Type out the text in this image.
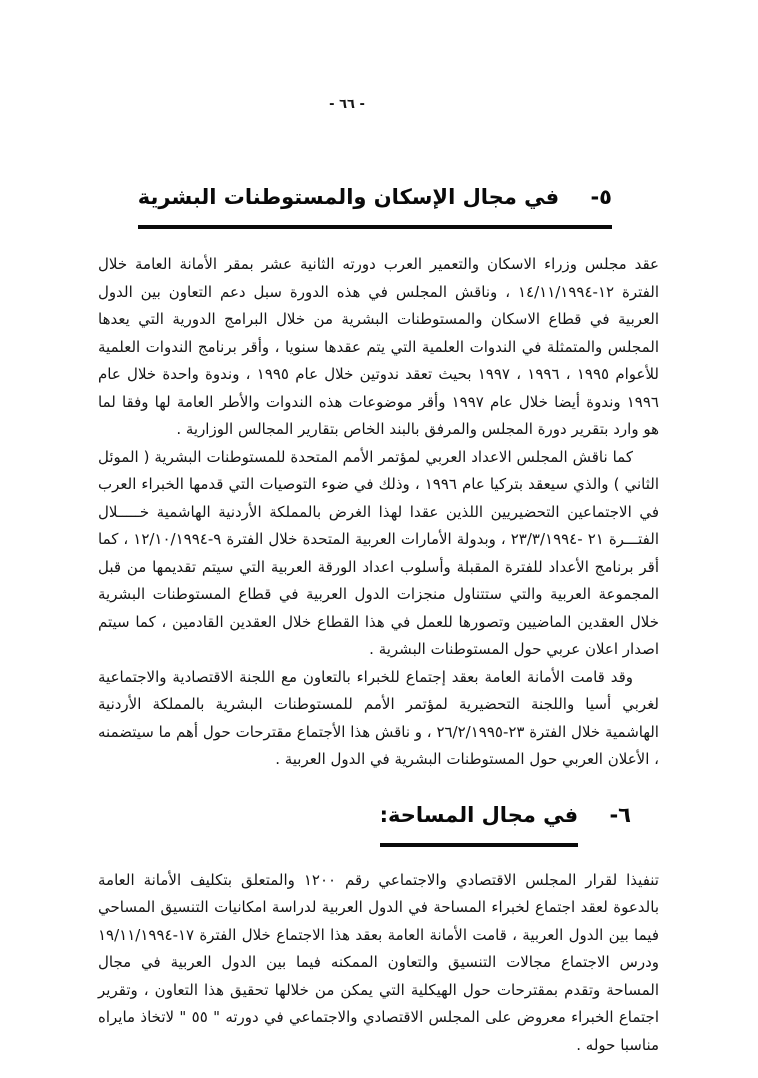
- ٦٦ -
٥- في مجال الإسكان والمستوطنات البشرية

عقد مجلس وزراء الاسكان والتعمير العرب دورته الثانية عشر بمقر الأمانة العامة خلال الفترة ١٢-١٤/١١/١٩٩٤ ، وناقش المجلس في هذه الدورة سبل دعم التعاون بين الدول العربية في قطاع الاسكان والمستوطنات البشرية من خلال البرامج الدورية التي يعدها المجلس والمتمثلة في الندوات العلمية التي يتم عقدها سنويا ، وأقر برنامج الندوات العلمية للأعوام ١٩٩٥ ، ١٩٩٦ ، ١٩٩٧ بحيث تعقد ندوتين خلال عام ١٩٩٥ ، وندوة واحدة خلال عام ١٩٩٦ وندوة أيضا خلال عام ١٩٩٧ وأقر موضوعات هذه الندوات والأطر العامة لها وفقا لما هو وارد بتقرير دورة المجلس والمرفق بالبند الخاص بتقارير المجالس الوزارية .

كما ناقش المجلس الاعداد العربي لمؤتمر الأمم المتحدة للمستوطنات البشرية ( الموئل الثاني ) والذي سيعقد بتركيا عام ١٩٩٦ ، وذلك في ضوء التوصيات التي قدمها الخبراء العرب في الاجتماعين التحضيريين اللذين عقدا لهذا الغرض بالمملكة الأردنية الهاشمية خـــــلال الفتـــرة ٢١ -٢٣/٣/١٩٩٤ ، وبدولة الأمارات العربية المتحدة خلال الفترة ٩-١٢/١٠/١٩٩٤ ، كما أقر برنامج الأعداد للفترة المقبلة وأسلوب اعداد الورقة العربية التي سيتم تقديمها من قبل المجموعة العربية والتي ستتناول منجزات الدول العربية في قطاع المستوطنات البشرية خلال العقدين الماضيين وتصورها للعمل في هذا القطاع خلال العقدين القادمين ، كما سيتم اصدار اعلان عربي حول المستوطنات البشرية .

وقد قامت الأمانة العامة بعقد إجتماع للخبراء بالتعاون مع اللجنة الاقتصادية والاجتماعية لغربي أسيا واللجنة التحضيرية لمؤتمر الأمم للمستوطنات البشرية بالمملكة الأردنية الهاشمية خلال الفترة ٢٣-٢٦/٢/١٩٩٥ ، و ناقش هذا الأجتماع مقترحات حول أهم ما سيتضمنه ، الأعلان العربي حول المستوطنات البشرية في الدول العربية .

٦- في مجال المساحة:

تنفيذا لقرار المجلس الاقتصادي والاجتماعي رقم ١٢٠٠ والمتعلق بتكليف الأمانة العامة بالدعوة لعقد اجتماع لخبراء المساحة في الدول العربية لدراسة امكانيات التنسيق المساحي فيما بين الدول العربية ، قامت الأمانة العامة بعقد هذا الاجتماع خلال الفترة ١٧-١٩/١١/١٩٩٤ ودرس الاجتماع مجالات التنسيق والتعاون الممكنه فيما بين الدول العربية في مجال المساحة وتقدم بمقترحات حول الهيكلية التي يمكن من خلالها تحقيق هذا التعاون ، وتقرير اجتماع الخبراء معروض على المجلس الاقتصادي والاجتماعي في دورته " ٥٥ " لاتخاذ مايراه مناسبا حوله .
